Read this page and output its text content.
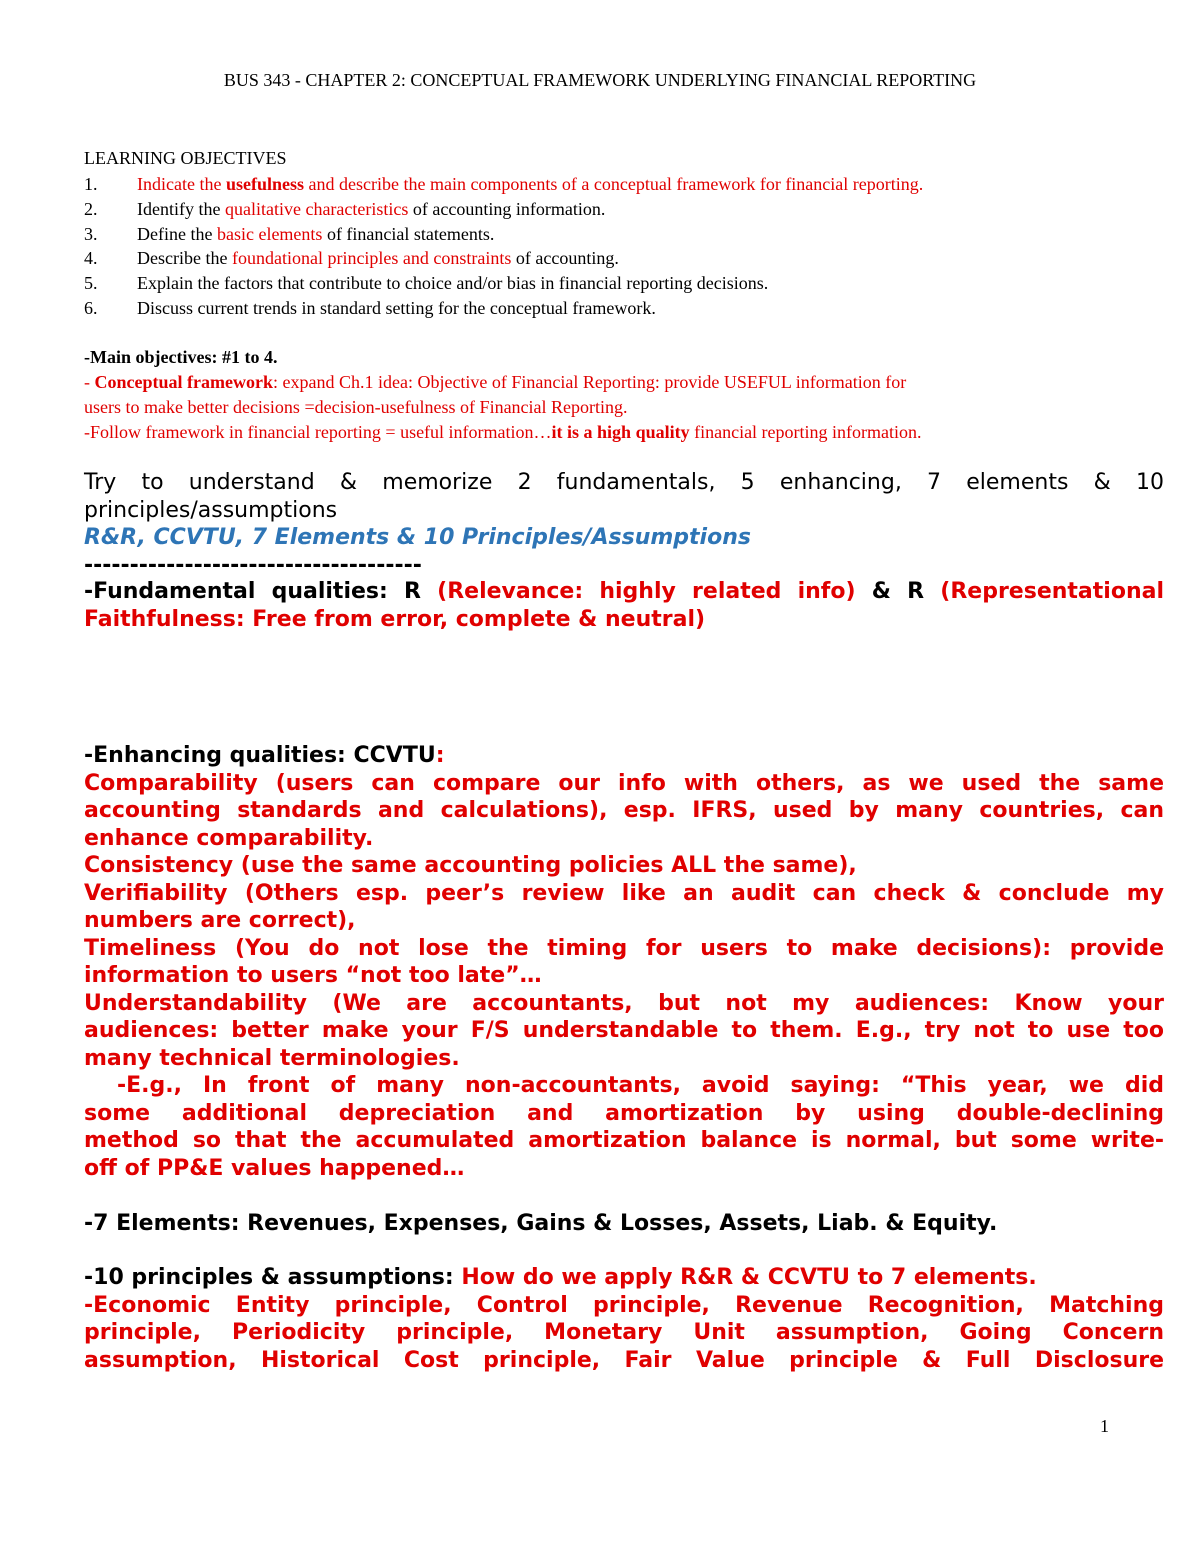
BUS 343 - CHAPTER 2: CONCEPTUAL FRAMEWORK UNDERLYING FINANCIAL REPORTING
LEARNING OBJECTIVES
1. Indicate the usefulness and describe the main components of a conceptual framework for financial reporting.
2. Identify the qualitative characteristics of accounting information.
3. Define the basic elements of financial statements.
4. Describe the foundational principles and constraints of accounting.
5. Explain the factors that contribute to choice and/or bias in financial reporting decisions.
6. Discuss current trends in standard setting for the conceptual framework.
-Main objectives: #1 to 4.
- Conceptual framework: expand Ch.1 idea: Objective of Financial Reporting: provide USEFUL information for
users to make better decisions =decision-usefulness of Financial Reporting.
-Follow framework in financial reporting = useful information…it is a high quality financial reporting information.
Try to understand & memorize 2 fundamentals, 5 enhancing, 7 elements & 10
principles/assumptions
R&R, CCVTU, 7 Elements & 10 Principles/Assumptions
-------------------------------------
-Fundamental qualities: R (Relevance: highly related info) & R (Representational
Faithfulness: Free from error, complete & neutral)
-Enhancing qualities: CCVTU:
Comparability (users can compare our info with others, as we used the same
accounting standards and calculations), esp. IFRS, used by many countries, can
enhance comparability.
Consistency (use the same accounting policies ALL the same),
Verifiability (Others esp. peer’s review like an audit can check & conclude my
numbers are correct),
Timeliness (You do not lose the timing for users to make decisions): provide
information to users “not too late”…
Understandability (We are accountants, but not my audiences: Know your
audiences: better make your F/S understandable to them. E.g., try not to use too
many technical terminologies.
-E.g., In front of many non-accountants, avoid saying: “This year, we did
some additional depreciation and amortization by using double-declining
method so that the accumulated amortization balance is normal, but some write-
off of PP&E values happened…
-7 Elements: Revenues, Expenses, Gains & Losses, Assets, Liab. & Equity.
-10 principles & assumptions: How do we apply R&R & CCVTU to 7 elements.
-Economic Entity principle, Control principle, Revenue Recognition, Matching
principle, Periodicity principle, Monetary Unit assumption, Going Concern
assumption, Historical Cost principle, Fair Value principle & Full Disclosure
1
